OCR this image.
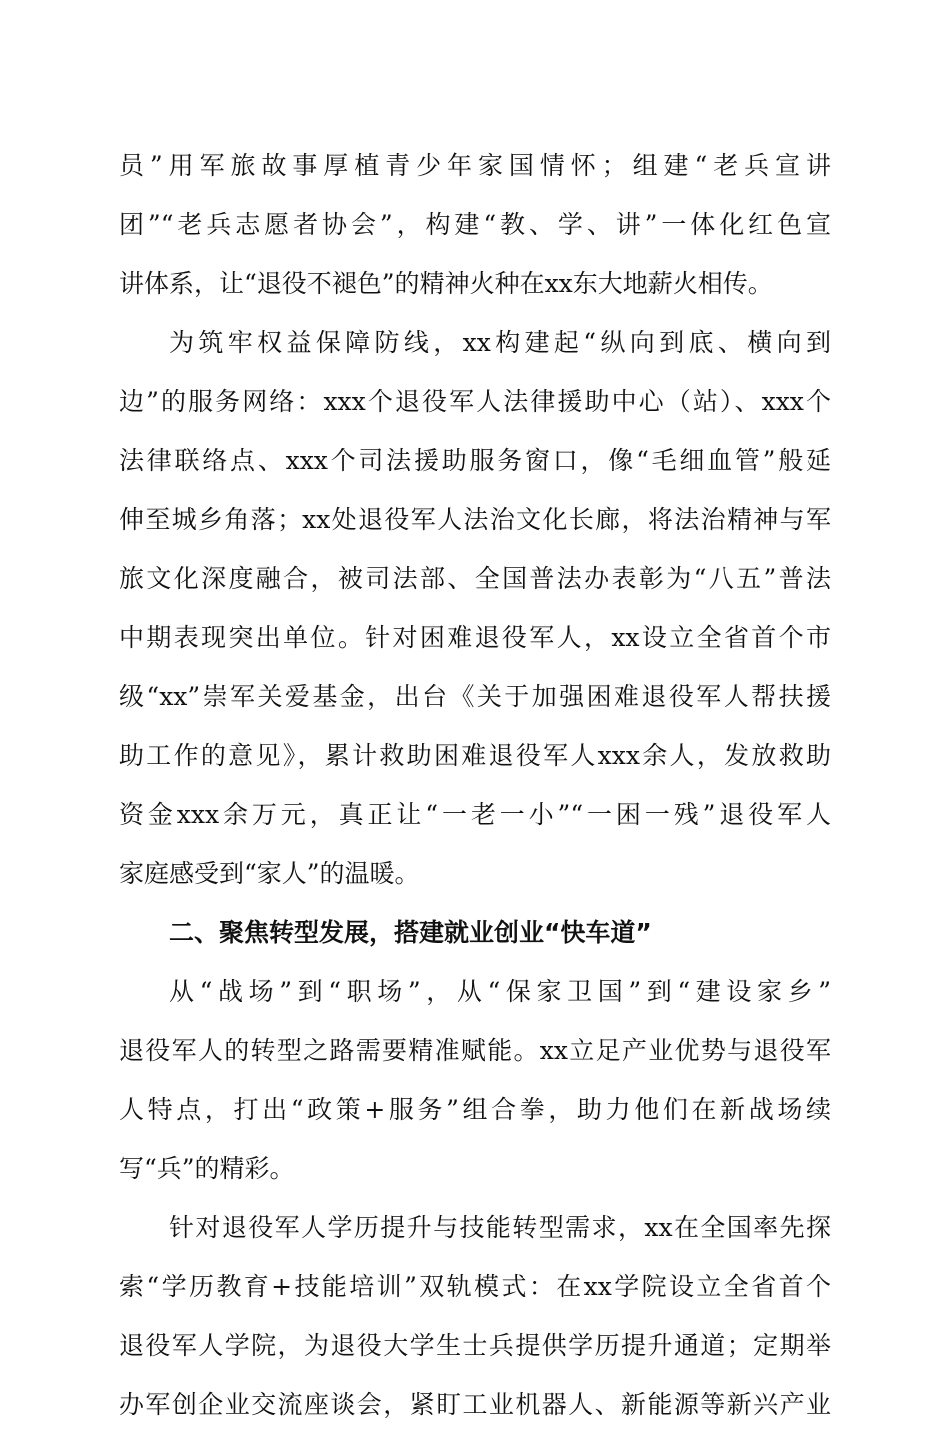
员”用军旅故事厚植青少年家国情怀；组建“老兵宣讲
团”“老兵志愿者协会”，构建“教、学、讲”一体化红色宣
讲体系，让“退役不褪色”的精神火种在xx东大地薪火相传。
为筑牢权益保障防线，xx构建起“纵向到底、横向到
边”的服务网络：xxx个退役军人法律援助中心（站）、xxx个
法律联络点、xxx个司法援助服务窗口，像“毛细血管”般延
伸至城乡角落；xx处退役军人法治文化长廊，将法治精神与军
旅文化深度融合，被司法部、全国普法办表彰为“八五”普法
中期表现突出单位。针对困难退役军人，xx设立全省首个市
级“xx”崇军关爱基金，出台《关于加强困难退役军人帮扶援
助工作的意见》，累计救助困难退役军人xxx余人，发放救助
资金xxx余万元，真正让“一老一小”“一困一残”退役军人
家庭感受到“家人”的温暖。
二、聚焦转型发展，搭建就业创业“快车道”
从“战场”到“职场”，从“保家卫国”到“建设家乡”
退役军人的转型之路需要精准赋能。xx立足产业优势与退役军
人特点，打出“政策+服务”组合拳，助力他们在新战场续
写“兵”的精彩。
针对退役军人学历提升与技能转型需求，xx在全国率先探
索“学历教育+技能培训”双轨模式：在xx学院设立全省首个
退役军人学院，为退役大学生士兵提供学历提升通道；定期举
办军创企业交流座谈会，紧盯工业机器人、新能源等新兴产业
